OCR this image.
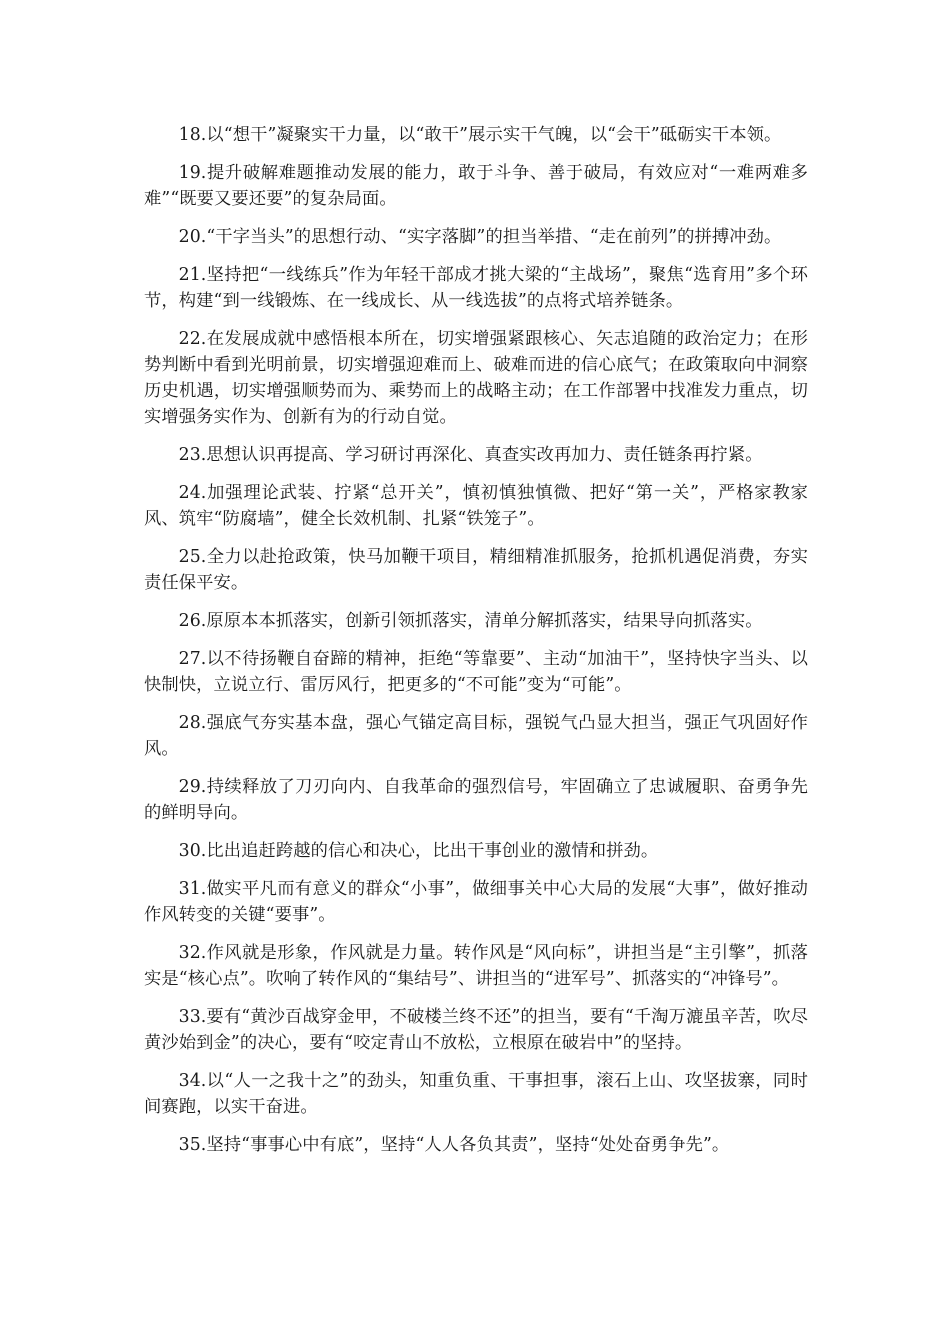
18.以“想干”凝聚实干力量，以“敢干”展示实干气魄，以“会干”砥砺实干本领。

19.提升破解难题推动发展的能力，敢于斗争、善于破局，有效应对“一难两难多难”“既要又要还要”的复杂局面。

20.“干字当头”的思想行动、“实字落脚”的担当举措、“走在前列”的拼搏冲劲。

21.坚持把“一线练兵”作为年轻干部成才挑大梁的“主战场”，聚焦“选育用”多个环节，构建“到一线锻炼、在一线成长、从一线选拔”的点将式培养链条。

22.在发展成就中感悟根本所在，切实增强紧跟核心、矢志追随的政治定力；在形势判断中看到光明前景，切实增强迎难而上、破难而进的信心底气；在政策取向中洞察历史机遇，切实增强顺势而为、乘势而上的战略主动；在工作部署中找准发力重点，切实增强务实作为、创新有为的行动自觉。

23.思想认识再提高、学习研讨再深化、真查实改再加力、责任链条再拧紧。

24.加强理论武装、拧紧“总开关”，慎初慎独慎微、把好“第一关”，严格家教家风、筑牢“防腐墙”，健全长效机制、扎紧“铁笼子”。

25.全力以赴抢政策，快马加鞭干项目，精细精准抓服务，抢抓机遇促消费，夯实责任保平安。

26.原原本本抓落实，创新引领抓落实，清单分解抓落实，结果导向抓落实。

27.以不待扬鞭自奋蹄的精神，拒绝“等靠要”、主动“加油干”，坚持快字当头、以快制快，立说立行、雷厉风行，把更多的“不可能”变为“可能”。

28.强底气夯实基本盘，强心气锚定高目标，强锐气凸显大担当，强正气巩固好作风。

29.持续释放了刀刃向内、自我革命的强烈信号，牢固确立了忠诚履职、奋勇争先的鲜明导向。

30.比出追赶跨越的信心和决心，比出干事创业的激情和拼劲。

31.做实平凡而有意义的群众“小事”，做细事关中心大局的发展“大事”，做好推动作风转变的关键“要事”。

32.作风就是形象，作风就是力量。转作风是“风向标”，讲担当是“主引擎”，抓落实是“核心点”。吹响了转作风的“集结号”、讲担当的“进军号”、抓落实的“冲锋号”。

33.要有“黄沙百战穿金甲，不破楼兰终不还”的担当，要有“千淘万漉虽辛苦，吹尽黄沙始到金”的决心，要有“咬定青山不放松，立根原在破岩中”的坚持。

34.以“人一之我十之”的劲头，知重负重、干事担事，滚石上山、攻坚拔寨，同时间赛跑，以实干奋进。

35.坚持“事事心中有底”，坚持“人人各负其责”，坚持“处处奋勇争先”。
